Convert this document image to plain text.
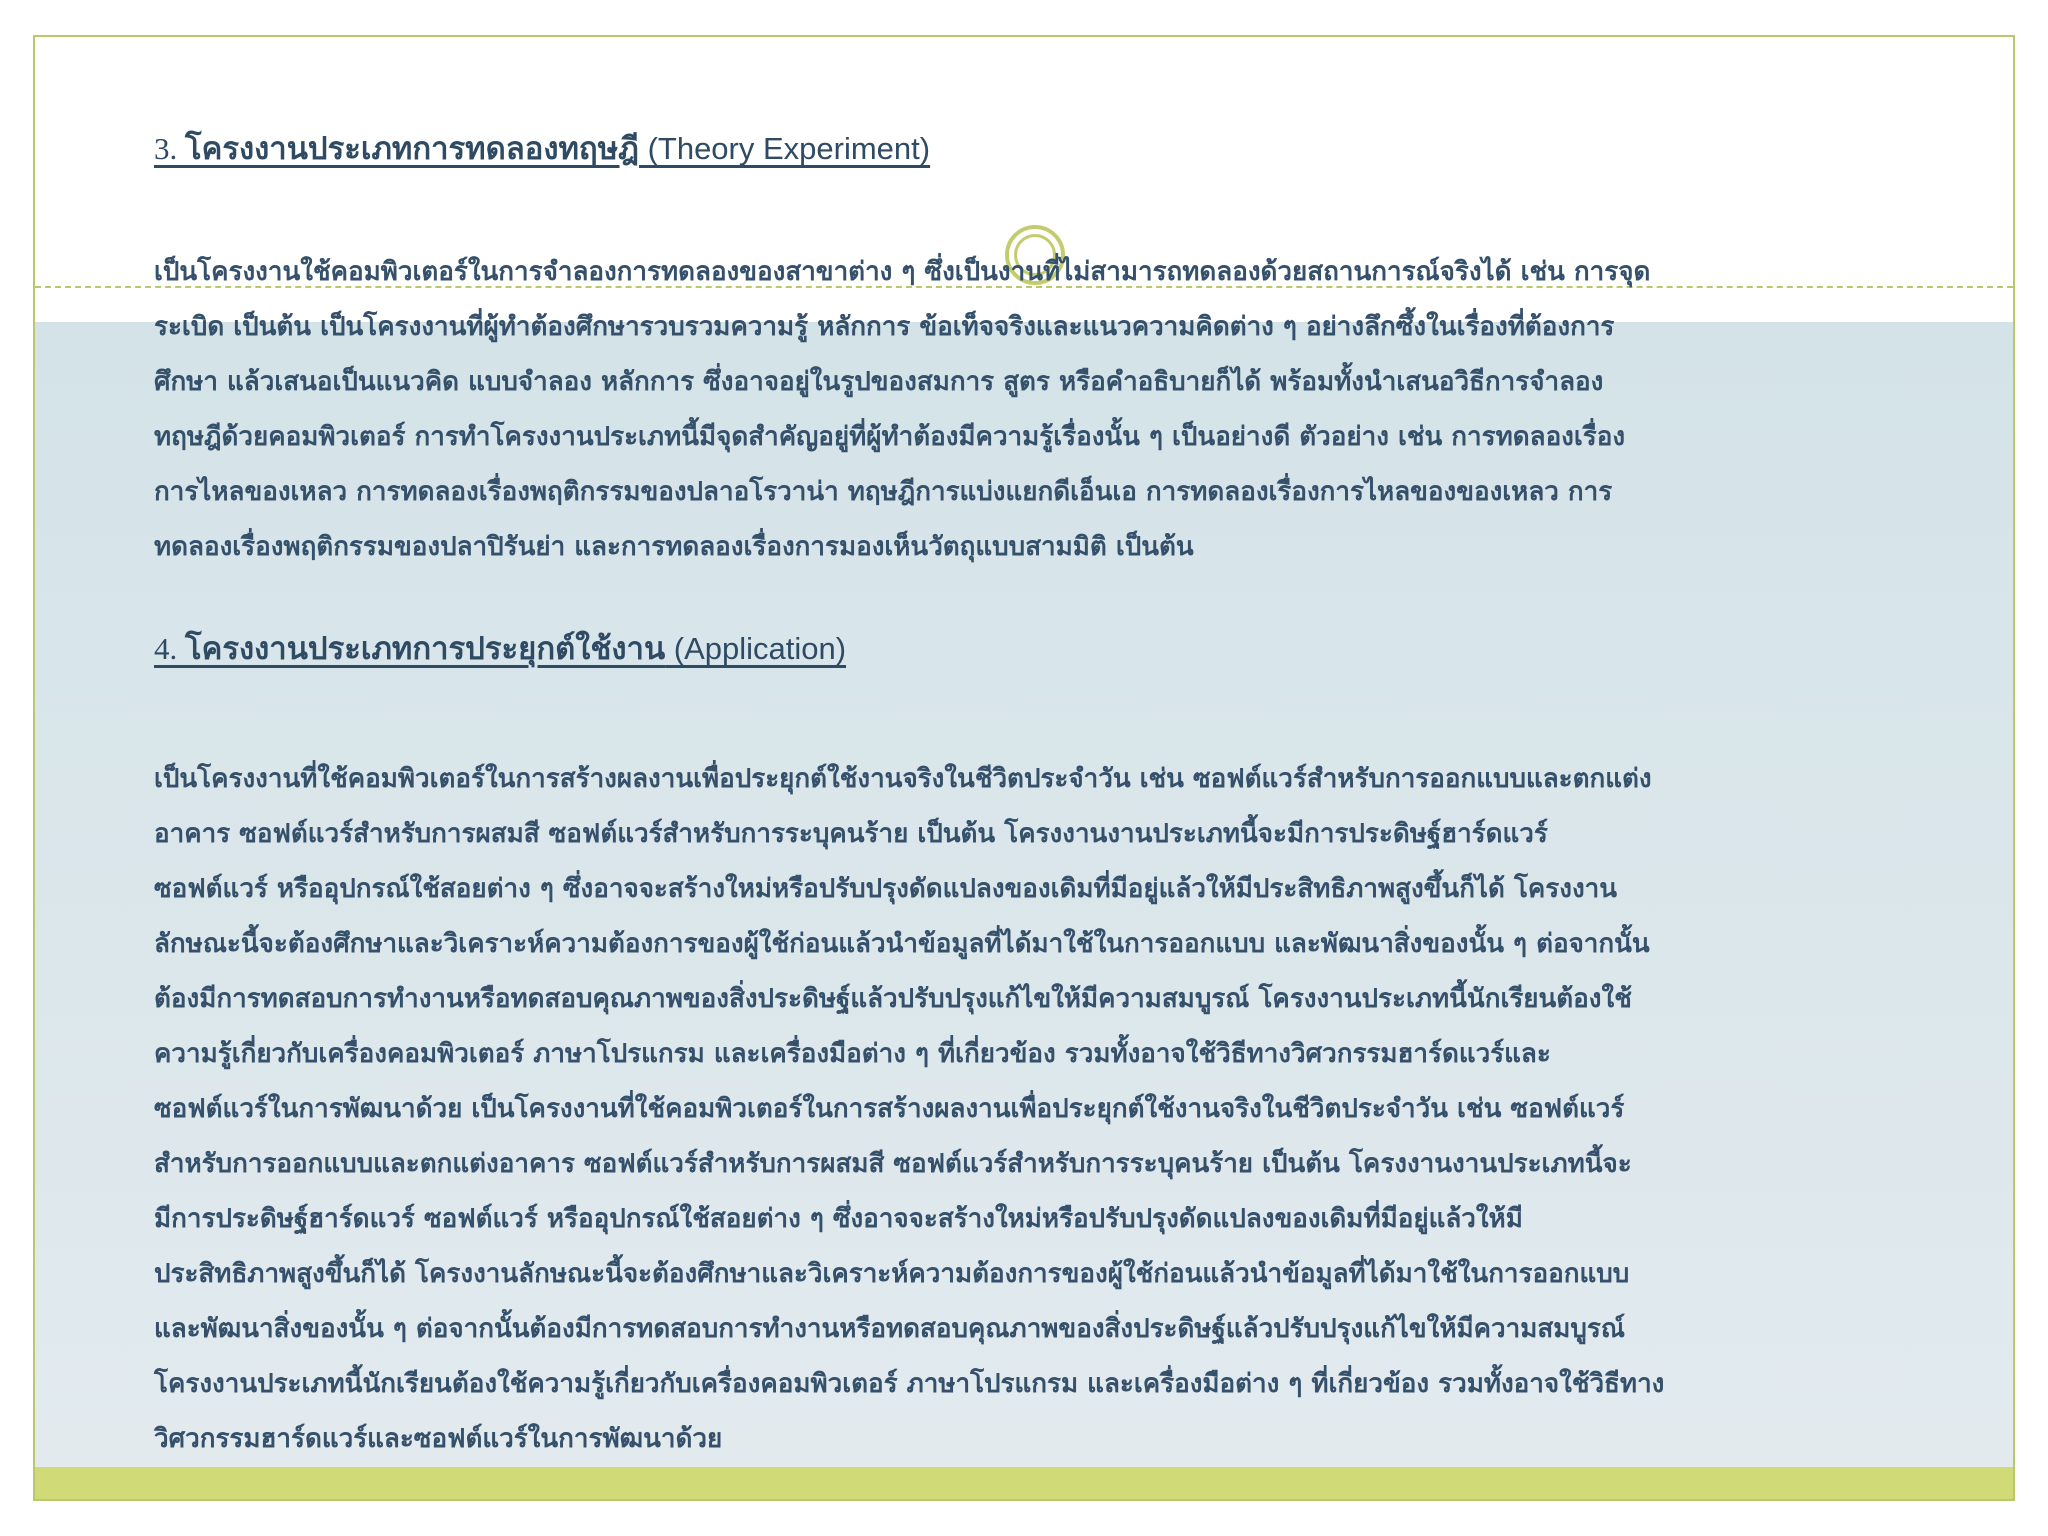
3. โครงงานประเภทการทดลองทฤษฎี (Theory Experiment)

เป็นโครงงานใช้คอมพิวเตอร์ในการจำลองการทดลองของสาขาต่าง ๆ ซึ่งเป็นงานที่ไม่สามารถทดลองด้วยสถานการณ์จริงได้ เช่น การจุด
ระเบิด เป็นต้น เป็นโครงงานที่ผู้ทำต้องศึกษารวบรวมความรู้ หลักการ ข้อเท็จจริงและแนวความคิดต่าง ๆ อย่างลึกซึ้งในเรื่องที่ต้องการ
ศึกษา แล้วเสนอเป็นแนวคิด แบบจำลอง หลักการ ซึ่งอาจอยู่ในรูปของสมการ สูตร หรือคำอธิบายก็ได้ พร้อมทั้งนำเสนอวิธีการจำลอง
ทฤษฎีด้วยคอมพิวเตอร์ การทำโครงงานประเภทนี้มีจุดสำคัญอยู่ที่ผู้ทำต้องมีความรู้เรื่องนั้น ๆ เป็นอย่างดี ตัวอย่าง เช่น การทดลองเรื่อง
การไหลของเหลว การทดลองเรื่องพฤติกรรมของปลาอโรวาน่า ทฤษฎีการแบ่งแยกดีเอ็นเอ การทดลองเรื่องการไหลของของเหลว การ
ทดลองเรื่องพฤติกรรมของปลาปิรันย่า และการทดลองเรื่องการมองเห็นวัตถุแบบสามมิติ เป็นต้น

4. โครงงานประเภทการประยุกต์ใช้งาน (Application)

เป็นโครงงานที่ใช้คอมพิวเตอร์ในการสร้างผลงานเพื่อประยุกต์ใช้งานจริงในชีวิตประจำวัน เช่น ซอฟต์แวร์สำหรับการออกแบบและตกแต่ง
อาคาร ซอฟต์แวร์สำหรับการผสมสี ซอฟต์แวร์สำหรับการระบุคนร้าย เป็นต้น โครงงานงานประเภทนี้จะมีการประดิษฐ์ฮาร์ดแวร์
ซอฟต์แวร์ หรืออุปกรณ์ใช้สอยต่าง ๆ ซึ่งอาจจะสร้างใหม่หรือปรับปรุงดัดแปลงของเดิมที่มีอยู่แล้วให้มีประสิทธิภาพสูงขึ้นก็ได้ โครงงาน
ลักษณะนี้จะต้องศึกษาและวิเคราะห์ความต้องการของผู้ใช้ก่อนแล้วนำข้อมูลที่ได้มาใช้ในการออกแบบ และพัฒนาสิ่งของนั้น ๆ ต่อจากนั้น
ต้องมีการทดสอบการทำงานหรือทดสอบคุณภาพของสิ่งประดิษฐ์แล้วปรับปรุงแก้ไขให้มีความสมบูรณ์ โครงงานประเภทนี้นักเรียนต้องใช้
ความรู้เกี่ยวกับเครื่องคอมพิวเตอร์ ภาษาโปรแกรม และเครื่องมือต่าง ๆ ที่เกี่ยวข้อง รวมทั้งอาจใช้วิธีทางวิศวกรรมฮาร์ดแวร์และ
ซอฟต์แวร์ในการพัฒนาด้วย เป็นโครงงานที่ใช้คอมพิวเตอร์ในการสร้างผลงานเพื่อประยุกต์ใช้งานจริงในชีวิตประจำวัน เช่น ซอฟต์แวร์
สำหรับการออกแบบและตกแต่งอาคาร ซอฟต์แวร์สำหรับการผสมสี ซอฟต์แวร์สำหรับการระบุคนร้าย เป็นต้น โครงงานงานประเภทนี้จะ
มีการประดิษฐ์ฮาร์ดแวร์ ซอฟต์แวร์ หรืออุปกรณ์ใช้สอยต่าง ๆ ซึ่งอาจจะสร้างใหม่หรือปรับปรุงดัดแปลงของเดิมที่มีอยู่แล้วให้มี
ประสิทธิภาพสูงขึ้นก็ได้ โครงงานลักษณะนี้จะต้องศึกษาและวิเคราะห์ความต้องการของผู้ใช้ก่อนแล้วนำข้อมูลที่ได้มาใช้ในการออกแบบ
และพัฒนาสิ่งของนั้น ๆ ต่อจากนั้นต้องมีการทดสอบการทำงานหรือทดสอบคุณภาพของสิ่งประดิษฐ์แล้วปรับปรุงแก้ไขให้มีความสมบูรณ์
โครงงานประเภทนี้นักเรียนต้องใช้ความรู้เกี่ยวกับเครื่องคอมพิวเตอร์ ภาษาโปรแกรม และเครื่องมือต่าง ๆ ที่เกี่ยวข้อง รวมทั้งอาจใช้วิธีทาง
วิศวกรรมฮาร์ดแวร์และซอฟต์แวร์ในการพัฒนาด้วย
